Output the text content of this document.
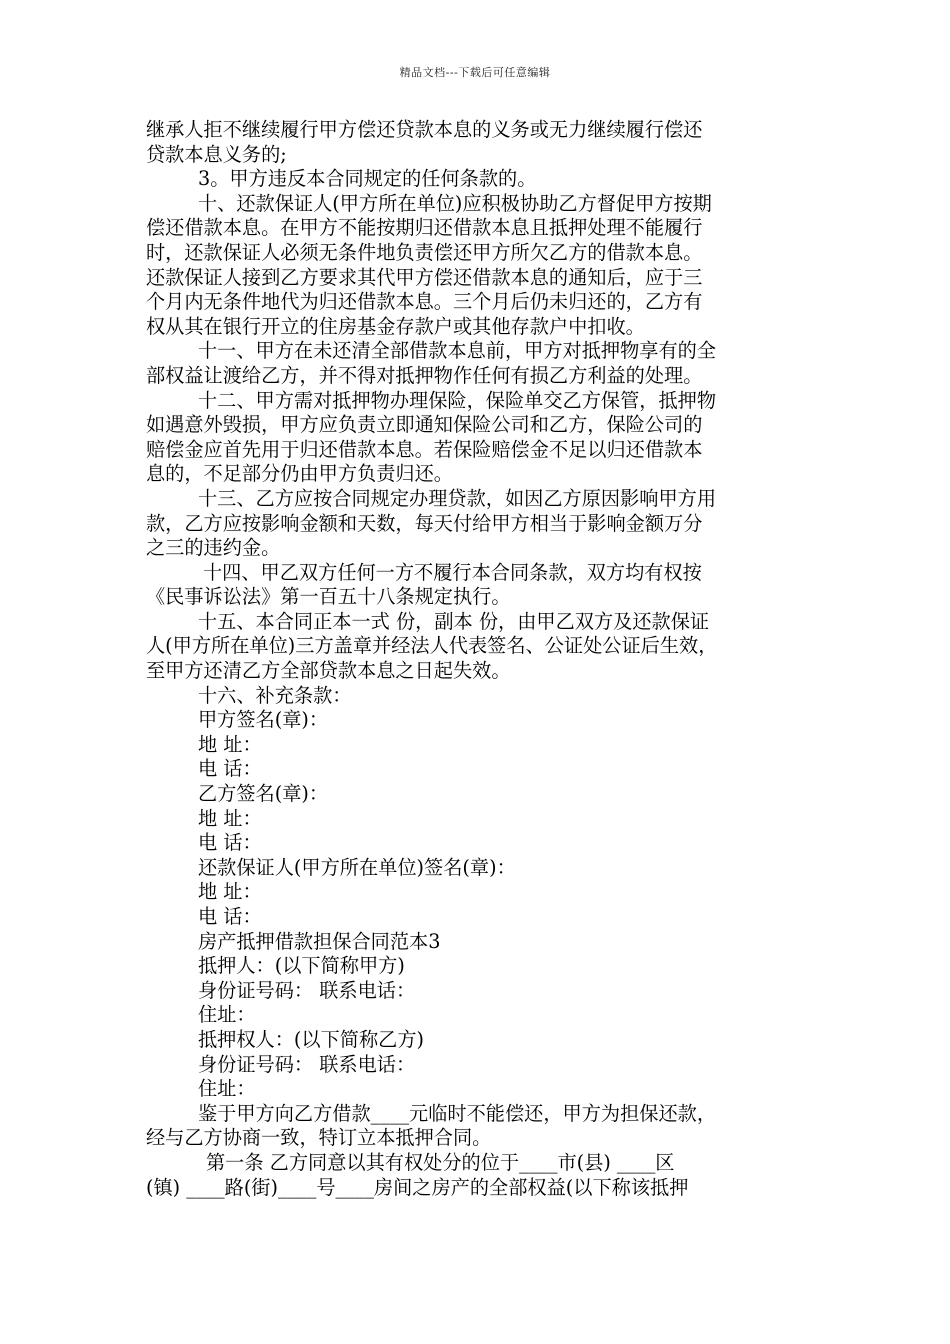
精品文档---下载后可任意编辑
继承人拒不继续履行甲方偿还贷款本息的义务或无力继续履行偿还
贷款本息义务的;
3。甲方违反本合同规定的任何条款的。
十、还款保证人(甲方所在单位)应积极协助乙方督促甲方按期
偿还借款本息。在甲方不能按期归还借款本息且抵押处理不能履行
时，还款保证人必须无条件地负责偿还甲方所欠乙方的借款本息。
还款保证人接到乙方要求其代甲方偿还借款本息的通知后，应于三
个月内无条件地代为归还借款本息。三个月后仍未归还的，乙方有
权从其在银行开立的住房基金存款户或其他存款户中扣收。
十一、甲方在未还清全部借款本息前，甲方对抵押物享有的全
部权益让渡给乙方，并不得对抵押物作任何有损乙方利益的处理。
十二、甲方需对抵押物办理保险，保险单交乙方保管，抵押物
如遇意外毁损，甲方应负责立即通知保险公司和乙方，保险公司的
赔偿金应首先用于归还借款本息。若保险赔偿金不足以归还借款本
息的，不足部分仍由甲方负责归还。
十三、乙方应按合同规定办理贷款，如因乙方原因影响甲方用
款，乙方应按影响金额和天数，每天付给甲方相当于影响金额万分
之三的违约金。
十四、甲乙双方任何一方不履行本合同条款，双方均有权按
《民事诉讼法》第一百五十八条规定执行。
十五、本合同正本一式 份，副本 份，由甲乙双方及还款保证
人(甲方所在单位)三方盖章并经法人代表签名、公证处公证后生效，
至甲方还清乙方全部贷款本息之日起失效。
十六、补充条款：
甲方签名(章)：
地 址：
电 话：
乙方签名(章)：
地 址：
电 话：
还款保证人(甲方所在单位)签名(章)：
地 址：
电 话：
房产抵押借款担保合同范本3
抵押人：(以下简称甲方)
身份证号码： 联系电话：
住址：
抵押权人：(以下简称乙方)
身份证号码： 联系电话：
住址：
鉴于甲方向乙方借款____元临时不能偿还，甲方为担保还款，
经与乙方协商一致，特订立本抵押合同。
第一条 乙方同意以其有权处分的位于____市(县) ____区
(镇) ____路(街)____号____房间之房产的全部权益(以下称该抵押
